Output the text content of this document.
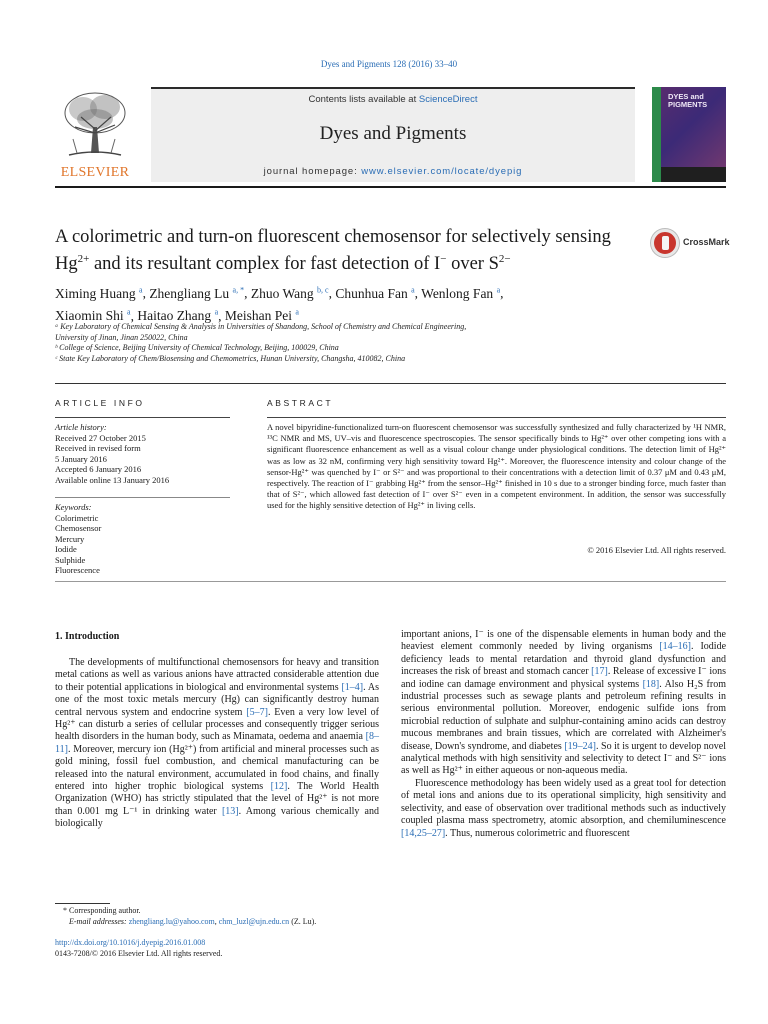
Dyes and Pigments 128 (2016) 33–40
ELSEVIER
Contents lists available at ScienceDirect
Dyes and Pigments
journal homepage: www.elsevier.com/locate/dyepig
DYES and PIGMENTS
A colorimetric and turn-on fluorescent chemosensor for selectively sensing $Hg^{2+}$ and its resultant complex for fast detection of I− over $S^{2-}$
CrossMark
Ximing Huang $^a$, Zhengliang Lu $^{a, *}$, Zhuo Wang $^{b, c}$, Chunhua Fan $^a$, Wenlong Fan $^a$,
Xiaomin Shi $^a$, Haitao Zhang $^a$, Meishan Pei $^a$
ᵃ Key Laboratory of Chemical Sensing & Analysis in Universities of Shandong, School of Chemistry and Chemical Engineering,
University of Jinan, Jinan 250022, China
ᵇ College of Science, Beijing University of Chemical Technology, Beijing, 100029, China
ᶜ State Key Laboratory of Chem/Biosensing and Chemometrics, Hunan University, Changsha, 410082, China
ARTICLE INFO	ABSTRACT
Article history:
Received 27 October 2015
Received in revised form
5 January 2016
Accepted 6 January 2016
Available online 13 January 2016
Keywords:
Colorimetric
Chemosensor
Mercury
Iodide
Sulphide
Fluorescence
A novel bipyridine-functionalized turn-on fluorescent chemosensor was successfully synthesized and fully characterized by ¹H NMR, ¹³C NMR and MS, UV–vis and fluorescence spectroscopies. The sensor specifically binds to Hg²⁺ over other competing ions with a significant fluorescence enhancement as well as a visual colour change under physiological conditions. The detection limit of Hg²⁺ was as low as 32 nM, confirming very high sensitivity toward Hg²⁺. Moreover, the fluorescence intensity and colour change of the sensor-Hg²⁺ was quenched by I⁻ or S²⁻ and was proportional to their concentrations with a detection limit of 0.37 μM and 0.43 μM, respectively. The reaction of I⁻ grabbing Hg²⁺ from the sensor–Hg²⁺ finished in 10 s due to a stronger binding force, much faster than that of S²⁻, which allowed fast detection of I⁻ over S²⁻ even in a competent environment. In addition, the sensor was successfully used for the highly sensitive detection of Hg²⁺ in living cells.
© 2016 Elsevier Ltd. All rights reserved.
1. Introduction

The developments of multifunctional chemosensors for heavy and transition metal cations as well as various anions have attracted considerable attention due to their potential applications in biological and environmental systems [1–4]. As one of the most toxic metals mercury (Hg) can significantly destroy human central nervous system and endocrine system [5–7]. Even a very low level of Hg²⁺ can disturb a series of cellular processes and consequently trigger serious health disorders in the human body, such as Minamata, oedema and anaemia [8–11]. Moreover, mercury ion (Hg²⁺) from artificial and mineral processes such as gold mining, fossil fuel combustion, and chemical manufacturing can be released into the natural environment, accumulated in food chains, and finally entered into higher trophic biological systems [12]. The World Health Organization (WHO) has strictly stipulated that the level of Hg²⁺ is not more than 0.001 mg L⁻¹ in drinking water [13]. Among various chemically and biologically

important anions, I⁻ is one of the dispensable elements in human body and the heaviest element commonly needed by living organisms [14–16]. Iodide deficiency leads to mental retardation and thyroid gland dysfunction and increases the risk of breast and stomach cancer [17]. Release of excessive I⁻ ions and iodine can damage environment and physical systems [18]. Also H₂S from industrial processes such as sewage plants and petroleum refining results in serious environmental pollution. Moreover, endogenic sulfide ions from microbial reduction of sulphate and sulphur-containing amino acids can destroy mucous membranes and brain tissues, which are correlated with Alzheimer's disease, Down's syndrome, and diabetes [19–24]. So it is urgent to develop novel analytical methods with high sensitivity and selectivity to detect I⁻ and S²⁻ ions as well as Hg²⁺ in either aqueous or non-aqueous media.

Fluorescence methodology has been widely used as a great tool for detection of metal ions and anions due to its operational simplicity, high sensitivity and selectivity, and ease of observation over traditional methods such as inductively coupled plasma mass spectrometry, atomic absorption, and chemiluminescence [14,25–27]. Thus, numerous colorimetric and fluorescent

* Corresponding author.
E-mail addresses: zhengliang.lu@yahoo.com, chm_luzl@ujn.edu.cn (Z. Lu).
http://dx.doi.org/10.1016/j.dyepig.2016.01.008
0143-7208/© 2016 Elsevier Ltd. All rights reserved.
